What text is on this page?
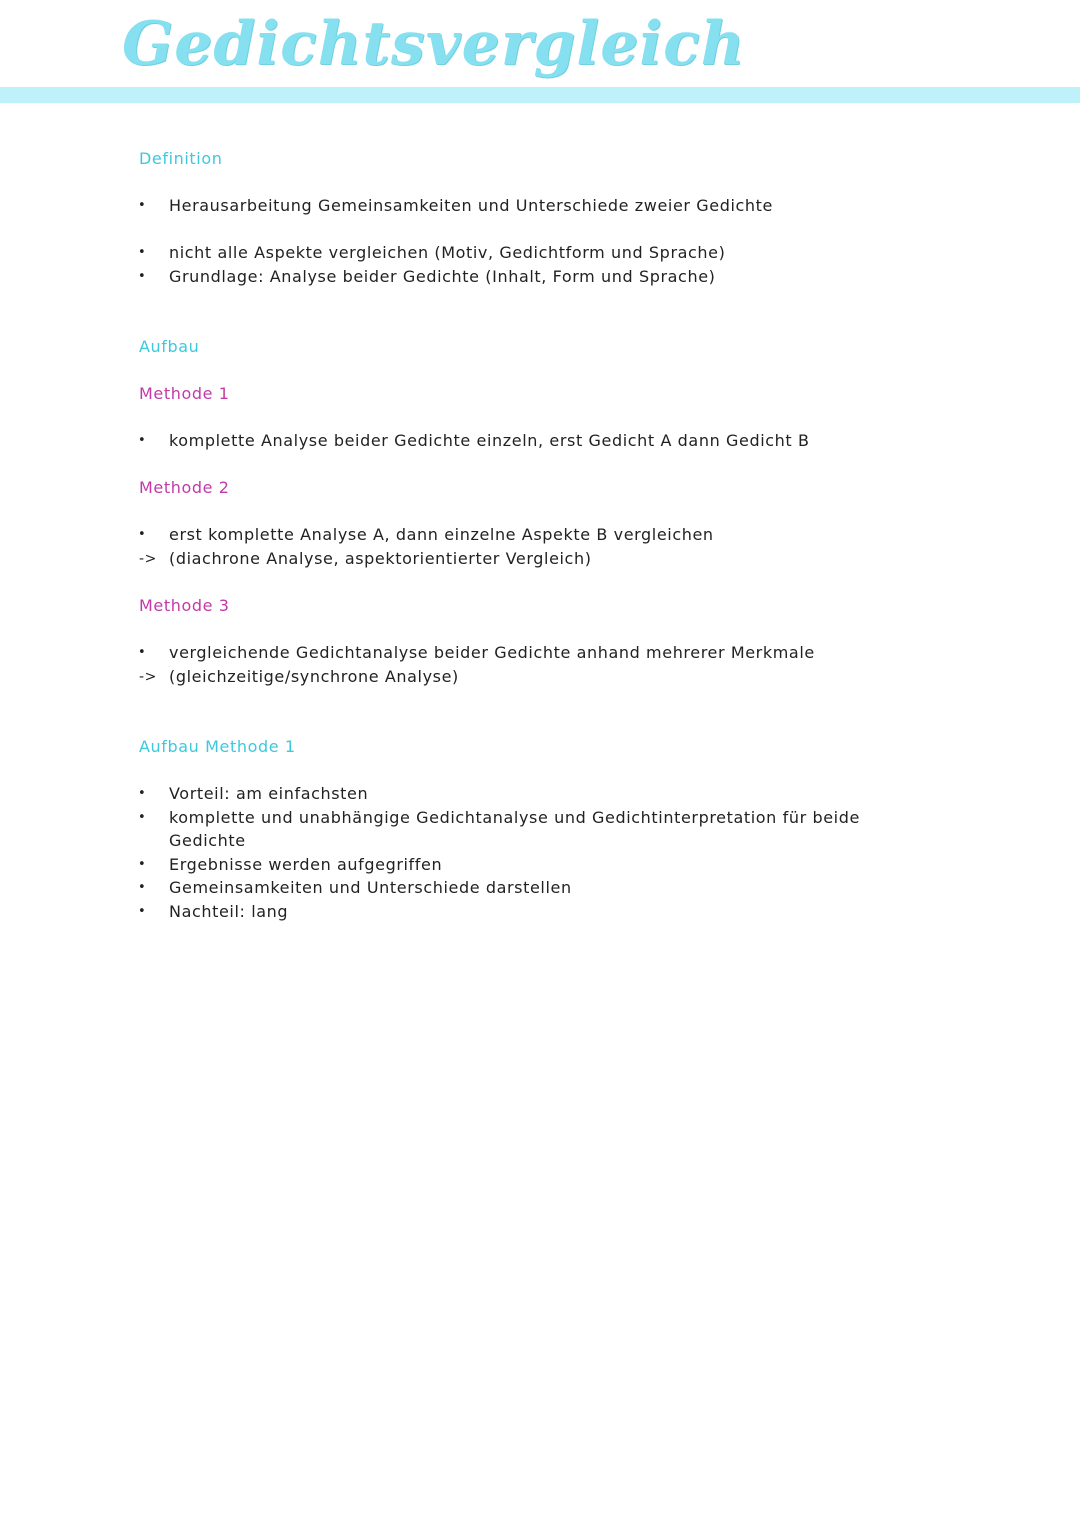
Gedichtsvergleich
Definition
•	Herausarbeitung Gemeinsamkeiten und Unterschiede zweier Gedichte
•	nicht alle Aspekte vergleichen (Motiv, Gedichtform und Sprache)
•	Grundlage: Analyse beider Gedichte (Inhalt, Form und Sprache)
Aufbau
Methode 1
•	komplette Analyse beider Gedichte einzeln, erst Gedicht A dann Gedicht B
Methode 2
•	erst komplette Analyse A, dann einzelne Aspekte B vergleichen
-> (diachrone Analyse, aspektorientierter Vergleich)
Methode 3
•	vergleichende Gedichtanalyse beider Gedichte anhand mehrerer Merkmale
-> (gleichzeitige/synchrone Analyse)
Aufbau Methode 1
•	Vorteil: am einfachsten
•	komplette und unabhängige Gedichtanalyse und Gedichtinterpretation für beide
Gedichte
•	Ergebnisse werden aufgegriffen
•	Gemeinsamkeiten und Unterschiede darstellen
•	Nachteil: lang
